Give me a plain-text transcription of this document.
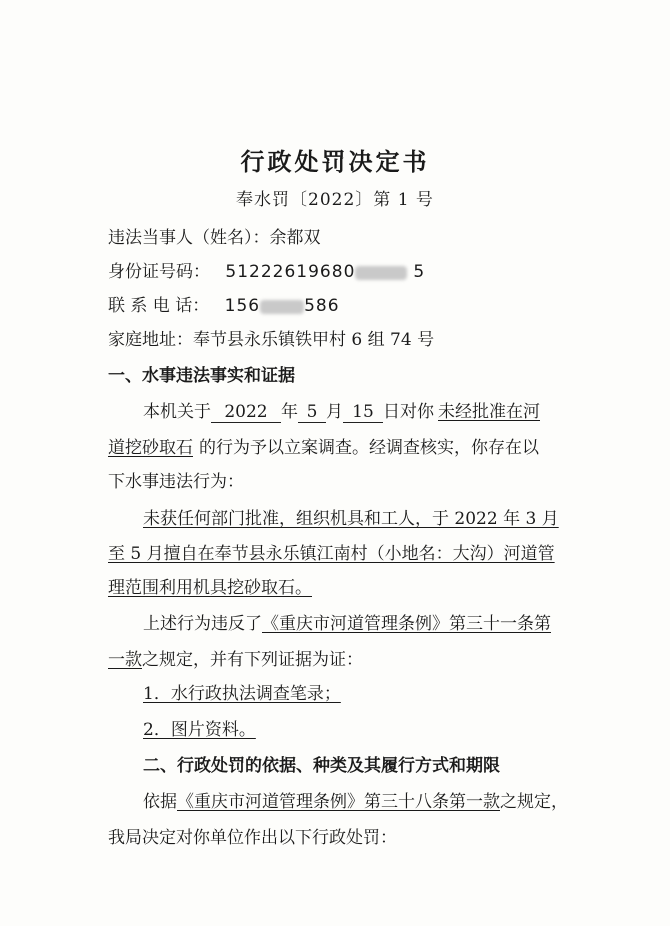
行政处罚决定书
奉水罚〔2022〕第 1 号
违法当事人（姓名）：余都双
身份证号码： 51222619680	5
联 系 电 话： 156	586
家庭地址：奉节县永乐镇铁甲村 6 组 74 号
一、水事违法事实和证据
本机关于 2022 年 5 月 15 日对你 未经批准在河
道挖砂取石 的行为予以立案调查。经调查核实，你存在以
下水事违法行为：
未获任何部门批准，组织机具和工人，于 2022 年 3 月
至 5 月擅自在奉节县永乐镇江南村（小地名：大沟）河道管
理范围利用机具挖砂取石。
上述行为违反了《重庆市河道管理条例》第三十一条第
一款之规定，并有下列证据为证：
1．水行政执法调查笔录；
2．图片资料。
二、行政处罚的依据、种类及其履行方式和期限
依据《重庆市河道管理条例》第三十八条第一款之规定，
我局决定对你单位作出以下行政处罚：
